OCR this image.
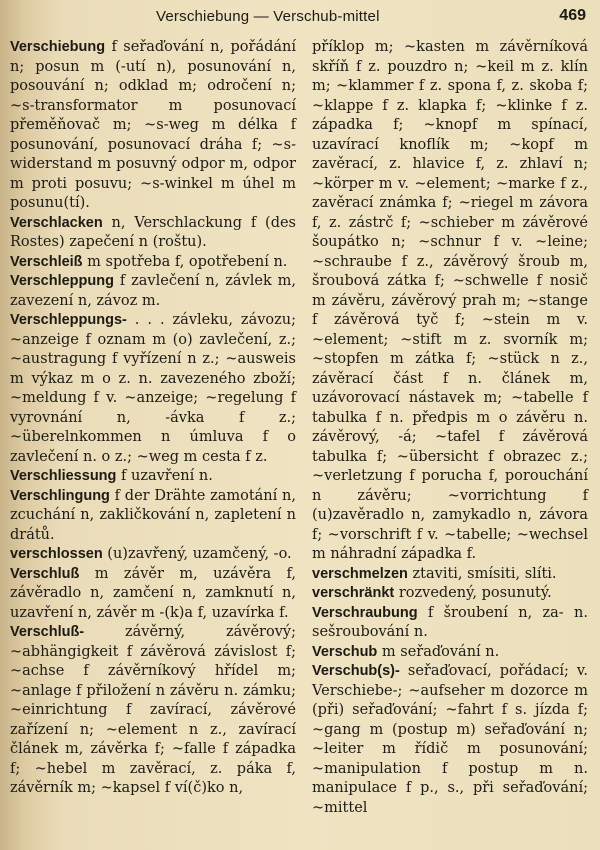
Verschiebung — Verschub-mittel	469

Verschiebung f seřaďování n, pořádání n; posun m (-utí n), posunování n, posouvání n; odklad m; odročení n; ~s-transformator m posunovací přeměňovač m; ~s-weg m délka f posunování, posunovací dráha f; ~s-widerstand m posuvný odpor m, odpor m proti posuvu; ~s-winkel m úhel m posunu(tí).

Verschlacken n, Verschlackung f (des Rostes) zapečení n (roštu).

Verschleiß m spotřeba f, opotřebení n.

Verschleppung f zavlečení n, závlek m, zavezení n, závoz m.

Verschleppungs- . . . závleku, závozu; ~anzeige f oznam m (o) zavlečení, z.; ~austragung f vyřízení n z.; ~ausweis m výkaz m o z. n. zavezeného zboží; ~meldung f v. ~anzeige; ~regelung f vyrovnání n, -ávka f z.; ~überelnkommen n úmluva f o zavlečení n. o z.; ~weg m cesta f z.

Verschliessung f uzavření n.

Verschlingung f der Drähte zamotání n, zcuchání n, zakličkování n, zapletení n drátů.

verschlossen (u)zavřený, uzamčený, -o.

Verschluß m závěr m, uzávěra f, závěradlo n, zamčení n, zamknutí n, uzavření n, závěr m -(k)a f, uzavírka f.

Verschluß- závěrný, závěrový; ~abhängigkeit f závěrová závislost f; ~achse f závěrníkový hřídel m; ~anlage f přiložení n závěru n. zámku; ~einrichtung f zavírací, závěrové zařízení n; ~element n z., zavírací článek m, závěrka f; ~falle f západka f; ~hebel m zavěrací, z. páka f, závěrník m; ~kapsel f ví(č)ko n,

příklop m; ~kasten m závěrníková skříň f z. pouzdro n; ~keil m z. klín m; ~klammer f z. spona f, z. skoba f; ~klappe f z. klapka f; ~klinke f z. západka f; ~knopf m spínací, uzavírací knoflík m; ~kopf m zavěrací, z. hlavice f, z. zhlaví n; ~körper m v. ~element; ~marke f z., zavěrací známka f; ~riegel m závora f, z. zástrč f; ~schieber m závěrové šoupátko n; ~schnur f v. ~leine; ~schraube f z., závěrový šroub m, šroubová zátka f; ~schwelle f nosič m závěru, závěrový prah m; ~stange f závěrová tyč f; ~stein m v. ~element; ~stift m z. svorník m; ~stopfen m zátka f; ~stück n z., závěrací část f n. článek m, uzávorovací nástavek m; ~tabelle f tabulka f n. předpis m o závěru n. závěrový, -á; ~tafel f závěrová tabulka f; ~übersicht f obrazec z.; ~verletzung f porucha f, porouchání n závěru; ~vorrichtung f (u)zavěradlo n, zamykadlo n, závora f; ~vorschrift f v. ~tabelle; ~wechsel m náhradní západka f.

verschmelzen ztaviti, smísiti, slíti.

verschränkt rozvedený, posunutý.

Verschraubung f šroubení n, za- n. sešroubování n.

Verschub m seřaďování n.

Verschub(s)- seřaďovací, pořádací; v. Verschiebe-; ~aufseher m dozorce m (při) seřaďování; ~fahrt f s. jízda f; ~gang m (postup m) seřaďování n; ~leiter m řídič m posunování; ~manipulation f postup m n. manipulace f p., s., při seřaďování; ~mittel
